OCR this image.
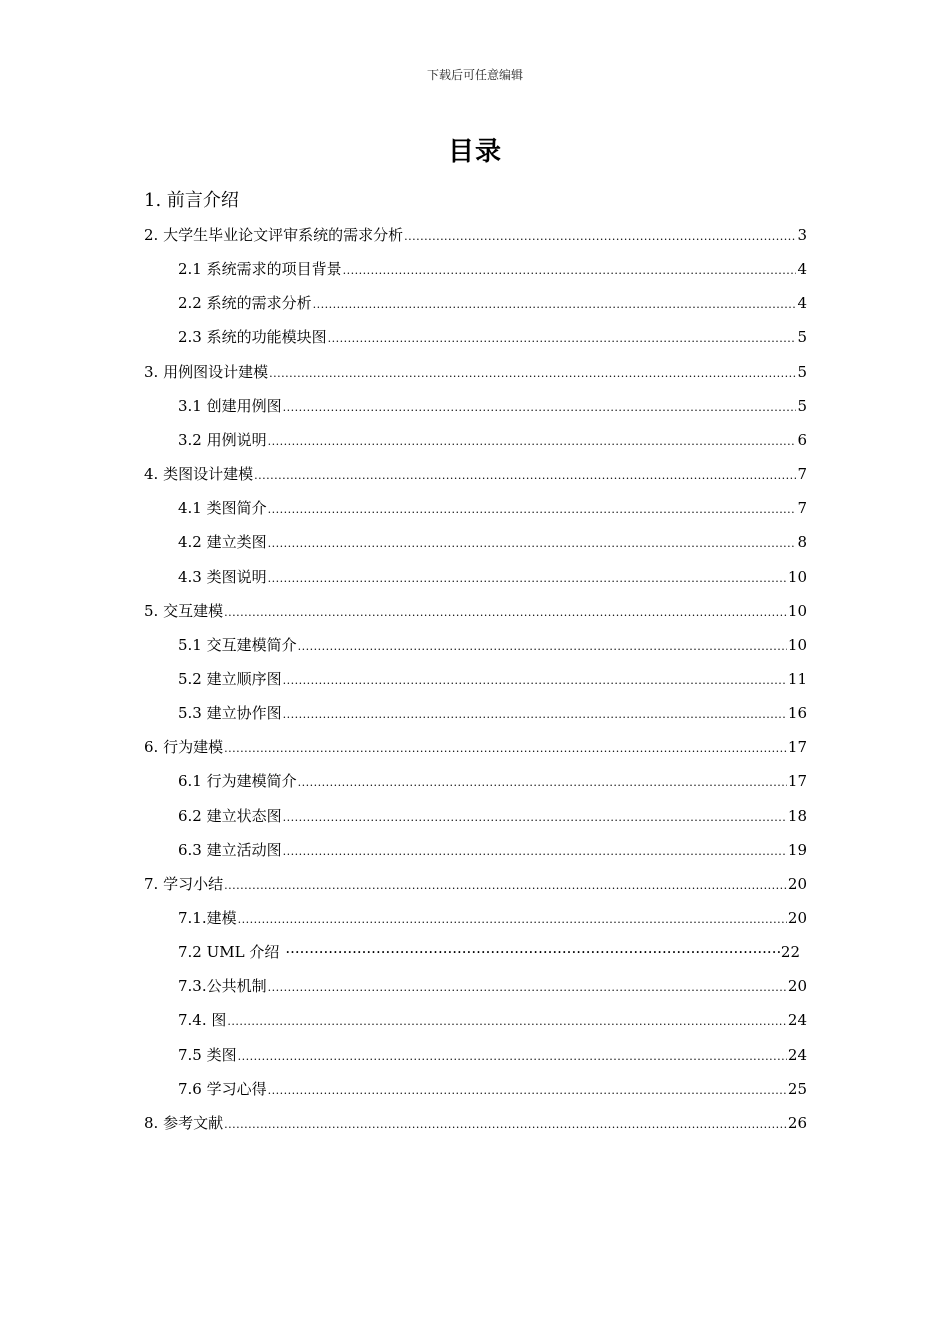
下载后可任意编辑
目录
1. 前言介绍
2. 大学生毕业论文评审系统的需求分析 .....	3
2.1 系统需求的项目背景 .....	4
2.2 系统的需求分析 .....	4
2.3 系统的功能模块图 .....	5
3. 用例图设计建模 .....	5
3.1 创建用例图 .....	5
3.2 用例说明 .....	6
4. 类图设计建模 .....	7
4.1 类图简介 .....	7
4.2 建立类图 .....	8
4.3 类图说明 .....	10
5. 交互建模 .....	10
5.1 交互建模简介 .....	10
5.2 建立顺序图 .....	11
5.3 建立协作图 .....	16
6. 行为建模 .....	17
6.1 行为建模简介 .....	17
6.2 建立状态图 .....	18
6.3 建立活动图 .....	19
7. 学习小结 .....	20
7.1.建模 .....	20
7.2 UML 介绍 ·····	22
7.3.公共机制 .....	20
7.4. 图 .....	24
7.5 类图 .....	24
7.6 学习心得 .....	25
8. 参考文献 .....	26
